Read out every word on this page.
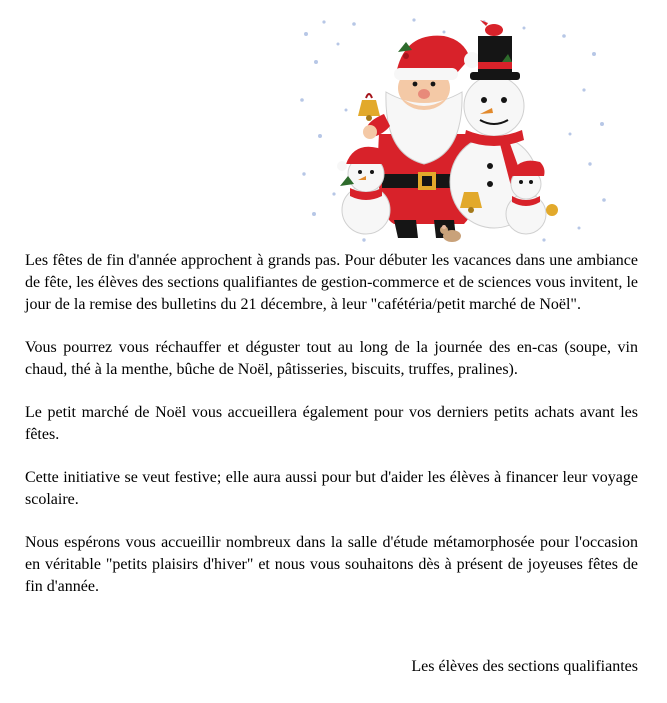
Les fêtes de fin d'année approchent à grands pas. Pour débuter les vacances dans une ambiance de fête, les élèves des sections qualifiantes de gestion-commerce et de sciences vous invitent, le jour de la remise des bulletins du 21 décembre, à leur "cafétéria/petit marché de Noël".

Vous pourrez vous réchauffer et déguster tout au long de la journée des en-cas (soupe, vin chaud, thé à la menthe, bûche de Noël, pâtisseries, biscuits, truffes, pralines).

Le petit marché de Noël vous accueillera également pour vos derniers petits achats avant les fêtes.

Cette initiative se veut festive; elle aura aussi pour but d'aider les élèves à financer leur voyage scolaire.

Nous espérons vous accueillir nombreux dans la salle d'étude métamorphosée pour l'occasion en véritable "petits plaisirs d'hiver" et nous vous souhaitons dès à présent de joyeuses fêtes de fin d'année.

Les élèves des sections qualifiantes
